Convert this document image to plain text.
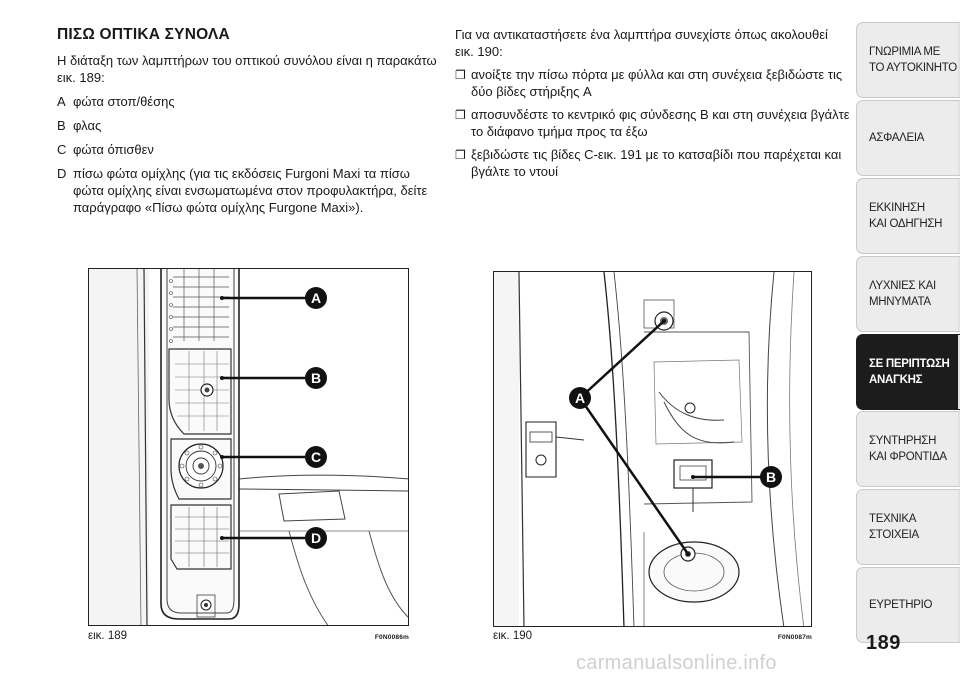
ΠΙΣΩ ΟΠΤΙΚΑ ΣΥΝΟΛΑ
Η διάταξη των λαμπτήρων του οπτικού συνόλου είναι η παρακάτω εικ. 189:
A φώτα στοπ/θέσης
B φλας
C φώτα όπισθεν
D πίσω φώτα ομίχλης (για τις εκδόσεις Furgoni Maxi τα πίσω φώτα ομίχλης είναι ενσωματωμένα στον προφυλακτήρα, δείτε παράγραφο «Πίσω φώτα ομίχλης Furgone Maxi»).
Για να αντικαταστήσετε ένα λαμπτήρα συνεχίστε όπως ακολουθεί εικ. 190:
❒ ανοίξτε την πίσω πόρτα με φύλλα και στη συνέχεια ξεβιδώστε τις δύο βίδες στήριξης A
❒ αποσυνδέστε το κεντρικό φις σύνδεσης B και στη συνέχεια βγάλτε το διάφανο τμήμα προς τα έξω
❒ ξεβιδώστε τις βίδες C-εικ. 191 με το κατσαβίδι που παρέχεται και βγάλτε το ντουί
A
B
C
D
εικ. 189	F0N0086m
A
B
εικ. 190	F0N0087m
ΓΝΩΡΙΜΙΑ ΜΕ
ΤΟ ΑΥΤΟΚΙΝΗΤΟ
ΑΣΦΑΛΕΙΑ
ΕΚΚΙΝΗΣΗ
ΚΑΙ ΟΔΗΓΗΣΗ
ΛΥΧΝΙΕΣ ΚΑΙ
ΜΗΝΥΜΑΤΑ
ΣΕ ΠΕΡΙΠΤΩΣΗ
ΑΝΑΓΚΗΣ
ΣΥΝΤΗΡΗΣΗ
ΚΑΙ ΦΡΟΝΤΙΔΑ
ΤΕΧΝΙΚΑ
ΣΤΟΙΧΕΙΑ
ΕΥΡΕΤΗΡΙΟ
189
carmanualsonline.info
